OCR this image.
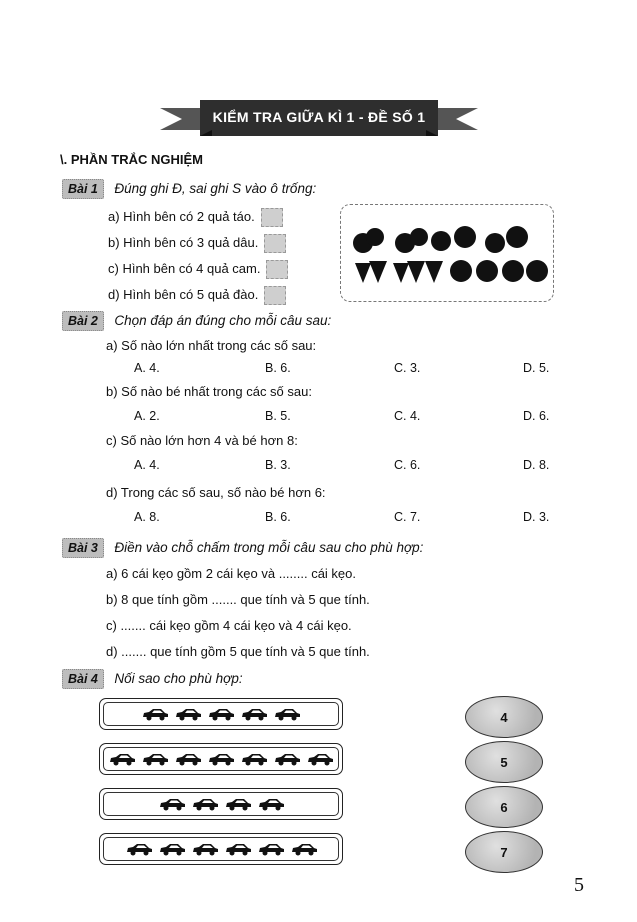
KIỂM TRA GIỮA KÌ 1 - ĐỀ SỐ 1
\. PHẦN TRẮC NGHIỆM
Bài 1 Đúng ghi Đ, sai ghi S vào ô trống:
a) Hình bên có 2 quả táo.
b) Hình bên có 3 quả dâu.
c) Hình bên có 4 quả cam.
d) Hình bên có 5 quả đào.
Bài 2 Chọn đáp án đúng cho mỗi câu sau:
a) Số nào lớn nhất trong các số sau:
A. 4.	B. 6.	C. 3.	D. 5.
b) Số nào bé nhất trong các số sau:
A. 2.	B. 5.	C. 4.	D. 6.
c) Số nào lớn hơn 4 và bé hơn 8:
A. 4.	B. 3.	C. 6.	D. 8.
d) Trong các số sau, số nào bé hơn 6:
A. 8.	B. 6.	C. 7.	D. 3.
Bài 3 Điền vào chỗ chấm trong mỗi câu sau cho phù hợp:
a) 6 cái kẹo gồm 2 cái kẹo và ........ cái kẹo.
b) 8 que tính gồm ....... que tính và 5 que tính.
c) ....... cái kẹo gồm 4 cái kẹo và 4 cái kẹo.
d) ....... que tính gồm 5 que tính và 5 que tính.
Bài 4 Nối sao cho phù hợp:
4
5
6
7
5
